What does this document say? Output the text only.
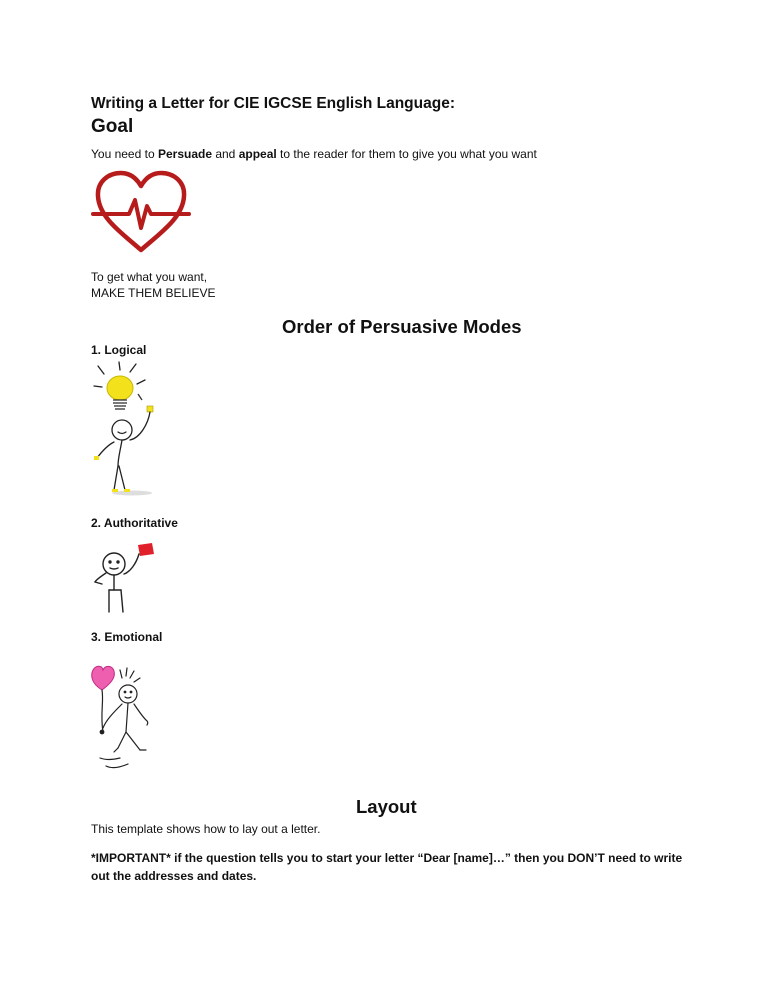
Writing a Letter for CIE IGCSE English Language:
Goal
You need to Persuade and appeal to the reader for them to give you what you want
To get what you want,
MAKE THEM BELIEVE
Order of Persuasive Modes
1. Logical
2. Authoritative
3. Emotional
Layout
This template shows how to lay out a letter.
*IMPORTANT* if the question tells you to start your letter “Dear [name]…” then you DON’T need to write out the addresses and dates.
